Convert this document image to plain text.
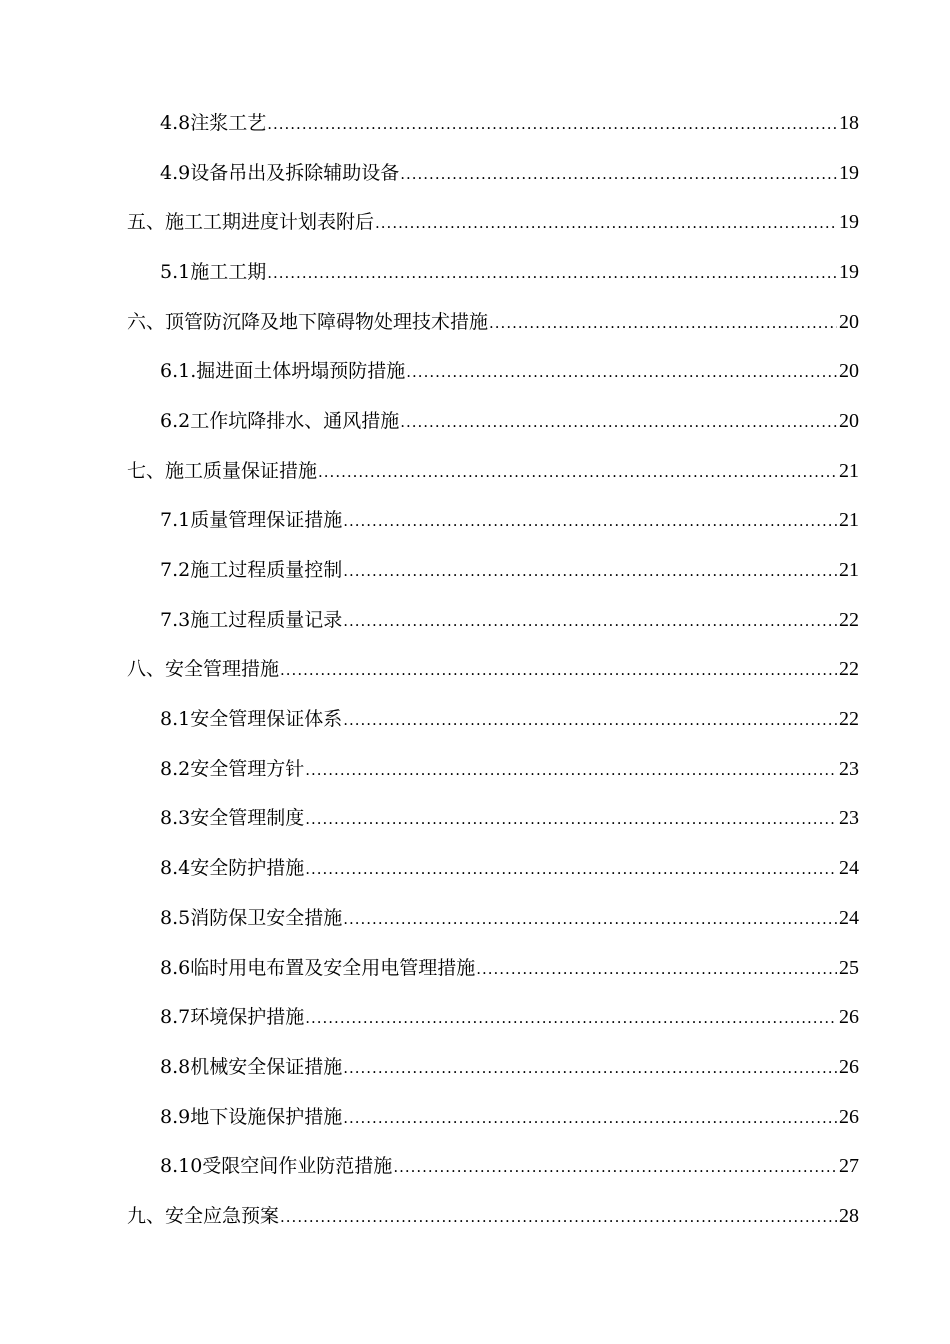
4.8注浆工艺 .....	18
4.9设备吊出及拆除辅助设备 .....	19
五、施工工期进度计划表附后 .....	19
5.1施工工期 .....	19
六、顶管防沉降及地下障碍物处理技术措施 .....	20
6.1.掘进面土体坍塌预防措施 .....	20
6.2工作坑降排水、通风措施 .....	20
七、施工质量保证措施 .....	21
7.1质量管理保证措施 .....	21
7.2施工过程质量控制 .....	21
7.3施工过程质量记录 .....	22
八、安全管理措施 .....	22
8.1安全管理保证体系 .....	22
8.2安全管理方针 .....	23
8.3安全管理制度 .....	23
8.4安全防护措施 .....	24
8.5消防保卫安全措施 .....	24
8.6临时用电布置及安全用电管理措施 .....	25
8.7环境保护措施 .....	26
8.8机械安全保证措施 .....	26
8.9地下设施保护措施 .....	26
8.10受限空间作业防范措施 .....	27
九、安全应急预案 .....	28
